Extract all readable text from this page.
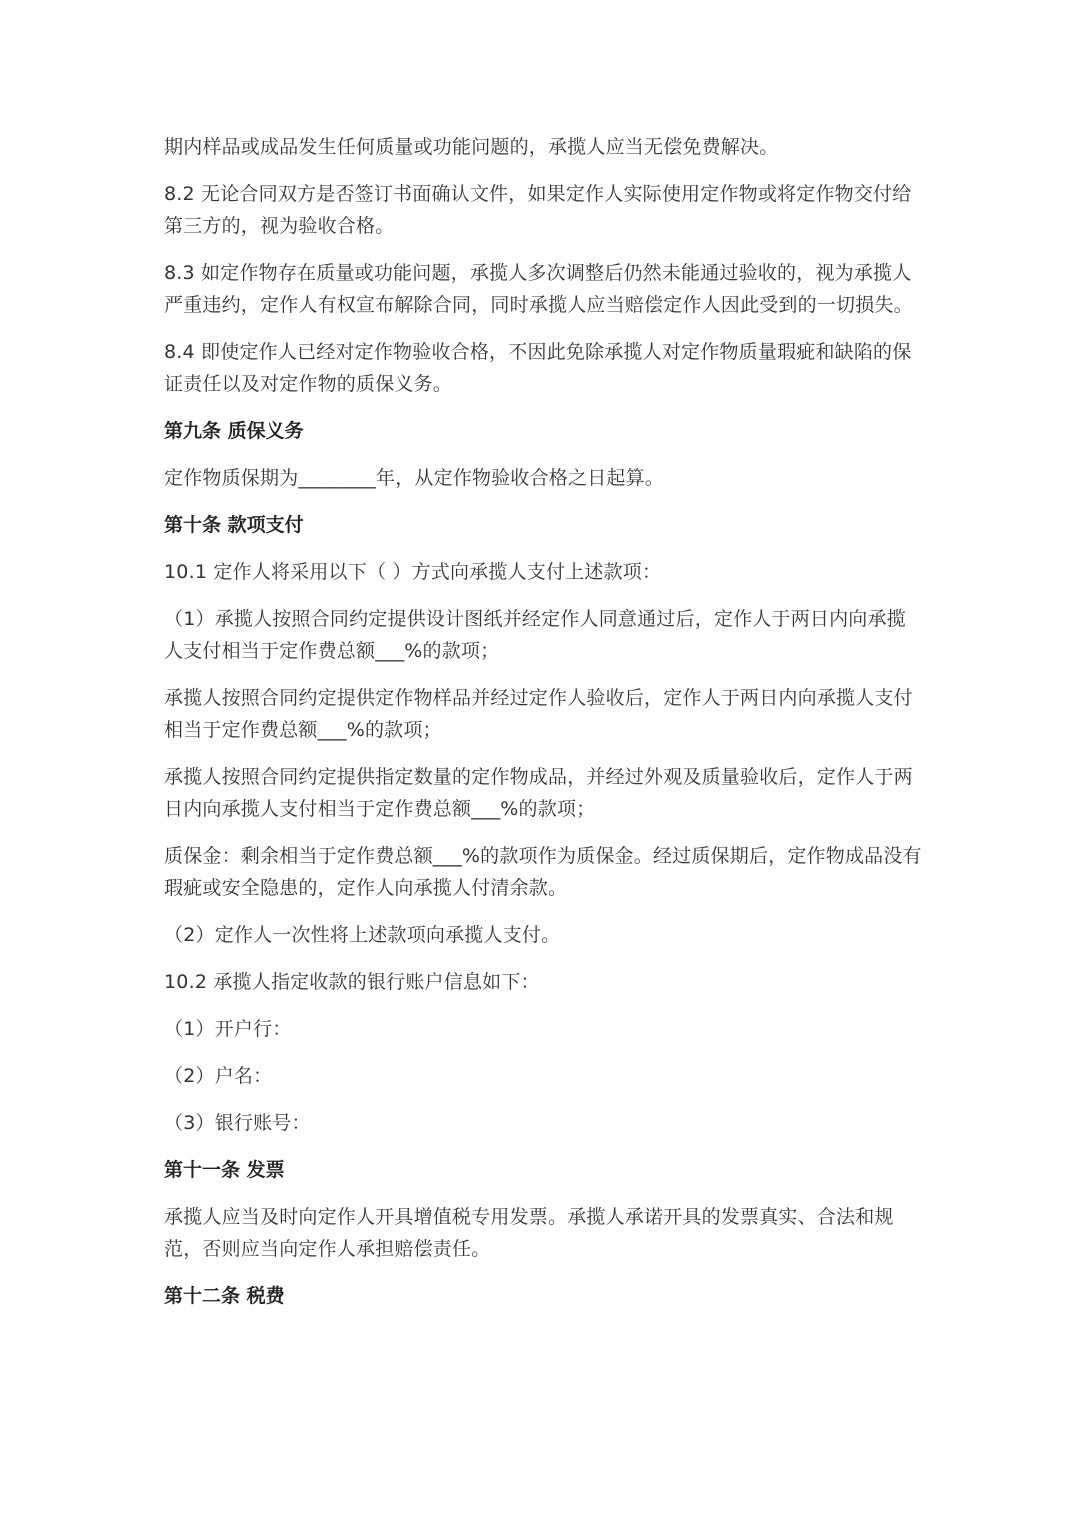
期内样品或成品发生任何质量或功能问题的，承揽人应当无偿免费解决。

8.2 无论合同双方是否签订书面确认文件，如果定作人实际使用定作物或将定作物交付给第三方的，视为验收合格。

8.3 如定作物存在质量或功能问题，承揽人多次调整后仍然未能通过验收的，视为承揽人严重违约，定作人有权宣布解除合同，同时承揽人应当赔偿定作人因此受到的一切损失。

8.4 即使定作人已经对定作物验收合格，不因此免除承揽人对定作物质量瑕疵和缺陷的保证责任以及对定作物的质保义务。

第九条 质保义务

定作物质保期为________年，从定作物验收合格之日起算。

第十条 款项支付

10.1 定作人将采用以下（ ）方式向承揽人支付上述款项：

（1）承揽人按照合同约定提供设计图纸并经定作人同意通过后，定作人于两日内向承揽人支付相当于定作费总额___%的款项；

承揽人按照合同约定提供定作物样品并经过定作人验收后，定作人于两日内向承揽人支付相当于定作费总额___%的款项；

承揽人按照合同约定提供指定数量的定作物成品，并经过外观及质量验收后，定作人于两日内向承揽人支付相当于定作费总额___%的款项；

质保金：剩余相当于定作费总额___%的款项作为质保金。经过质保期后，定作物成品没有瑕疵或安全隐患的，定作人向承揽人付清余款。

（2）定作人一次性将上述款项向承揽人支付。

10.2 承揽人指定收款的银行账户信息如下：

（1）开户行：

（2）户名：

（3）银行账号：

第十一条 发票

承揽人应当及时向定作人开具增值税专用发票。承揽人承诺开具的发票真实、合法和规范，否则应当向定作人承担赔偿责任。

第十二条 税费
